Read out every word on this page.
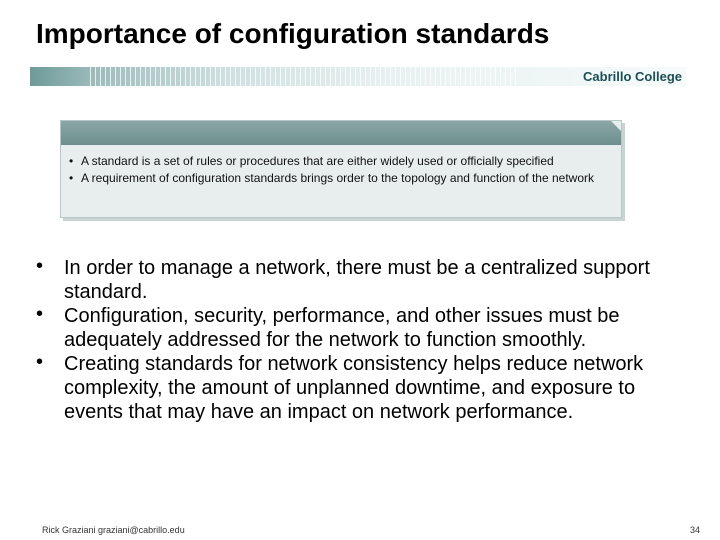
Importance of configuration standards
Cabrillo College
• A standard is a set of rules or procedures that are either widely used or officially specified
• A requirement of configuration standards brings order to the topology and function of the network
• In order to manage a network, there must be a centralized support standard.
• Configuration, security, performance, and other issues must be adequately addressed for the network to function smoothly.
• Creating standards for network consistency helps reduce network complexity, the amount of unplanned downtime, and exposure to events that may have an impact on network performance.
Rick Graziani graziani@cabrillo.edu	34
